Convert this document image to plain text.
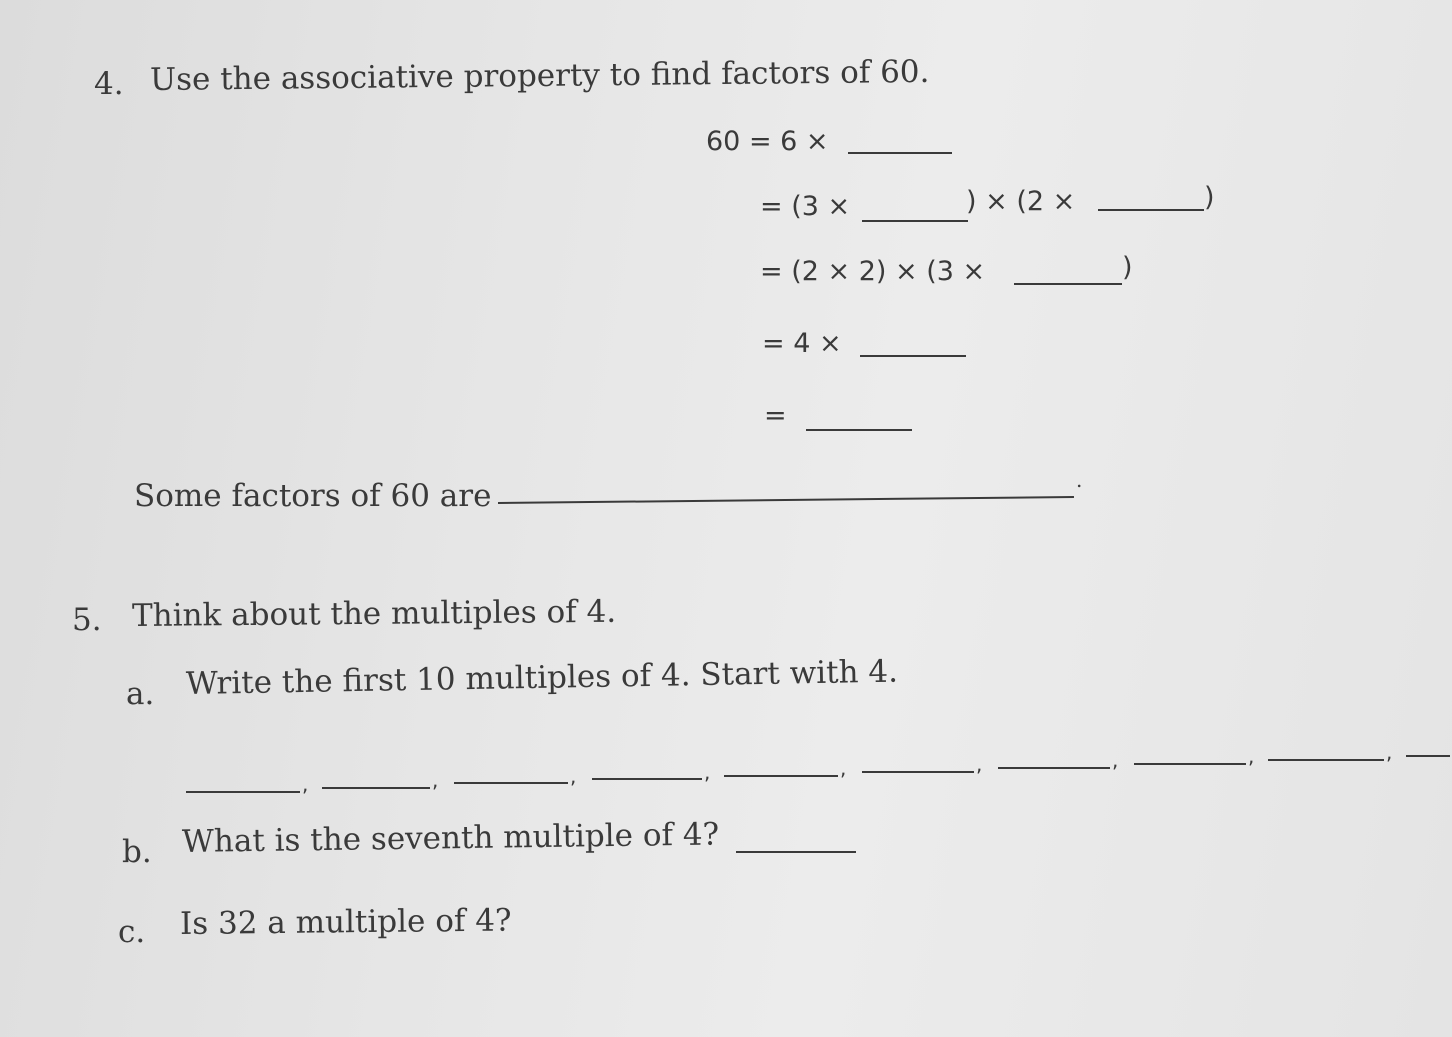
4. Use the associative property to find factors of 60.
60 = 6 ×
= (3 ×	) × (2 ×	)
= (2 × 2) × (3 ×	)
= 4 ×
=
Some factors of 60 are	.
5. Think about the multiples of 4.
a. Write the first 10 multiples of 4. Start with 4.
,	,	,	,	,	,	,	,	,
b. What is the seventh multiple of 4?
c. Is 32 a multiple of 4?
